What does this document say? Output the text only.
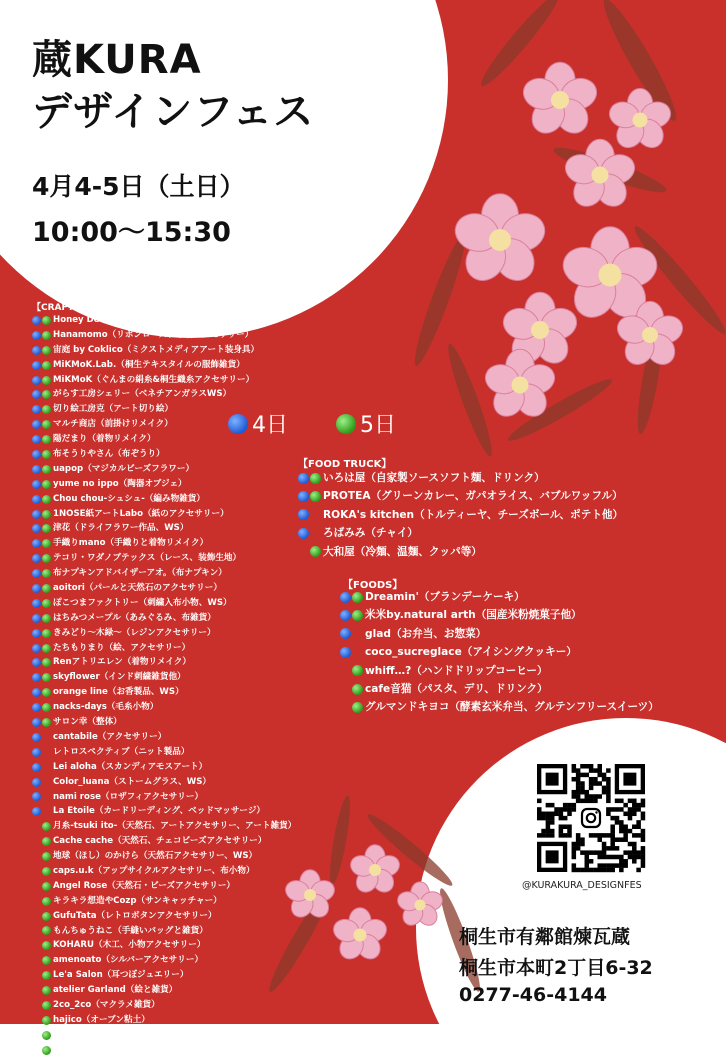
蔵KURA
デザインフェス
4月4-5日（土日）
10:00〜15:30
【CRAFTS】
Honey Decoration（陶芸アクセサリー、雑貨、食器）
Hanamomo（リボンローズ、水引アクセサリー）
宙庭 by Coklico（ミクストメディアアート装身具）
MiKMoK.Lab.（桐生テキスタイルの服飾雑貨）
MiKMoK（ぐんまの絹糸&桐生織糸アクセサリー）
がらす工房シェリー（ベネチアンガラスWS）
切り絵工房克（アート切り絵）
マルチ商店（前掛けリメイク）
陽だまり（着物リメイク）
布そうりやさん（布ぞうり）
uapop（マジカルビーズフラワー）
yume no ippo（陶器オブジェ）
Chou chou-シュシュ-（編み物雑貨）
1NOSE紙アートLabo（紙のアクセサリー）
津花（ドライフラワー作品、WS）
手織りmano（手織りと着物リメイク）
テコリ・ワダノブテックス（レース、装飾生地）
布ナプキンアドバイザーアオ。（布ナプキン）
aoitori（パールと天然石のアクセサリー）
ぽこつまファクトリー（刺繍入布小物、WS）
はちみつメープル（あみぐるみ、布雑貨）
きみどり〜木緑〜（レジンアクセサリー）
たちもりまり（絵、アクセサリー）
Renアトリエレン（着物リメイク）
skyflower（インド刺繍雑貨他）
orange line（お香製品、WS）
nacks-days（毛糸小物）
サロン幸（整体）
cantabile（アクセサリー）
レトロスペクティブ（ニット製品）
Lei aloha（スカンディアモスアート）
Color_luana（ストームグラス、WS）
nami rose（ロザフィアクセサリー）
La Etoile（カードリーディング、ベッドマッサージ）
月糸-tsuki ito-（天然石、アートアクセサリー、アート雑貨）
Cache cache（天然石、チェコビーズアクセサリー）
地球（ほし）のかけら（天然石アクセサリー、WS）
caps.u.k（アップサイクルアクセサリー、布小物）
Angel Rose（天然石・ビーズアクセサリー）
キラキラ想造やCozp（サンキャッチャー）
GufuTata（レトロボタンアクセサリー）
もんちゅうねこ（手縫いバッグと雑貨）
KOHARU（木工、小物アクセサリー）
amenoato（シルバーアクセサリー）
Le'a Salon（耳つぼジュエリー）
atelier Garland（絵と雑貨）
2co_2co（マクラメ雑貨）
hajico（オーブン粘土）
toca（タロット占い）
和工房（陶芸）
4日	5日
【FOOD TRUCK】
いろは屋（自家製ソースソフト麺、ドリンク）
PROTEA（グリーンカレー、ガパオライス、バブルワッフル）
ROKA's kitchen（トルティーヤ、チーズボール、ポテト他）
ろばみみ（チャイ）
大和屋（冷麺、温麺、クッパ等）
【FOODS】
Dreamin'（ブランデーケーキ）
米米by.natural arth（国産米粉焼菓子他）
glad（お弁当、お惣菜）
coco_sucreglace（アイシングクッキー）
whiff…?（ハンドドリップコーヒー）
cafe音猫（パスタ、デリ、ドリンク）
グルマンドキヨコ（酵素玄米弁当、グルテンフリースイーツ）
@KURAKURA_DESIGNFES
桐生市有鄰館煉瓦蔵
桐生市本町2丁目6-32
0277-46-4144
